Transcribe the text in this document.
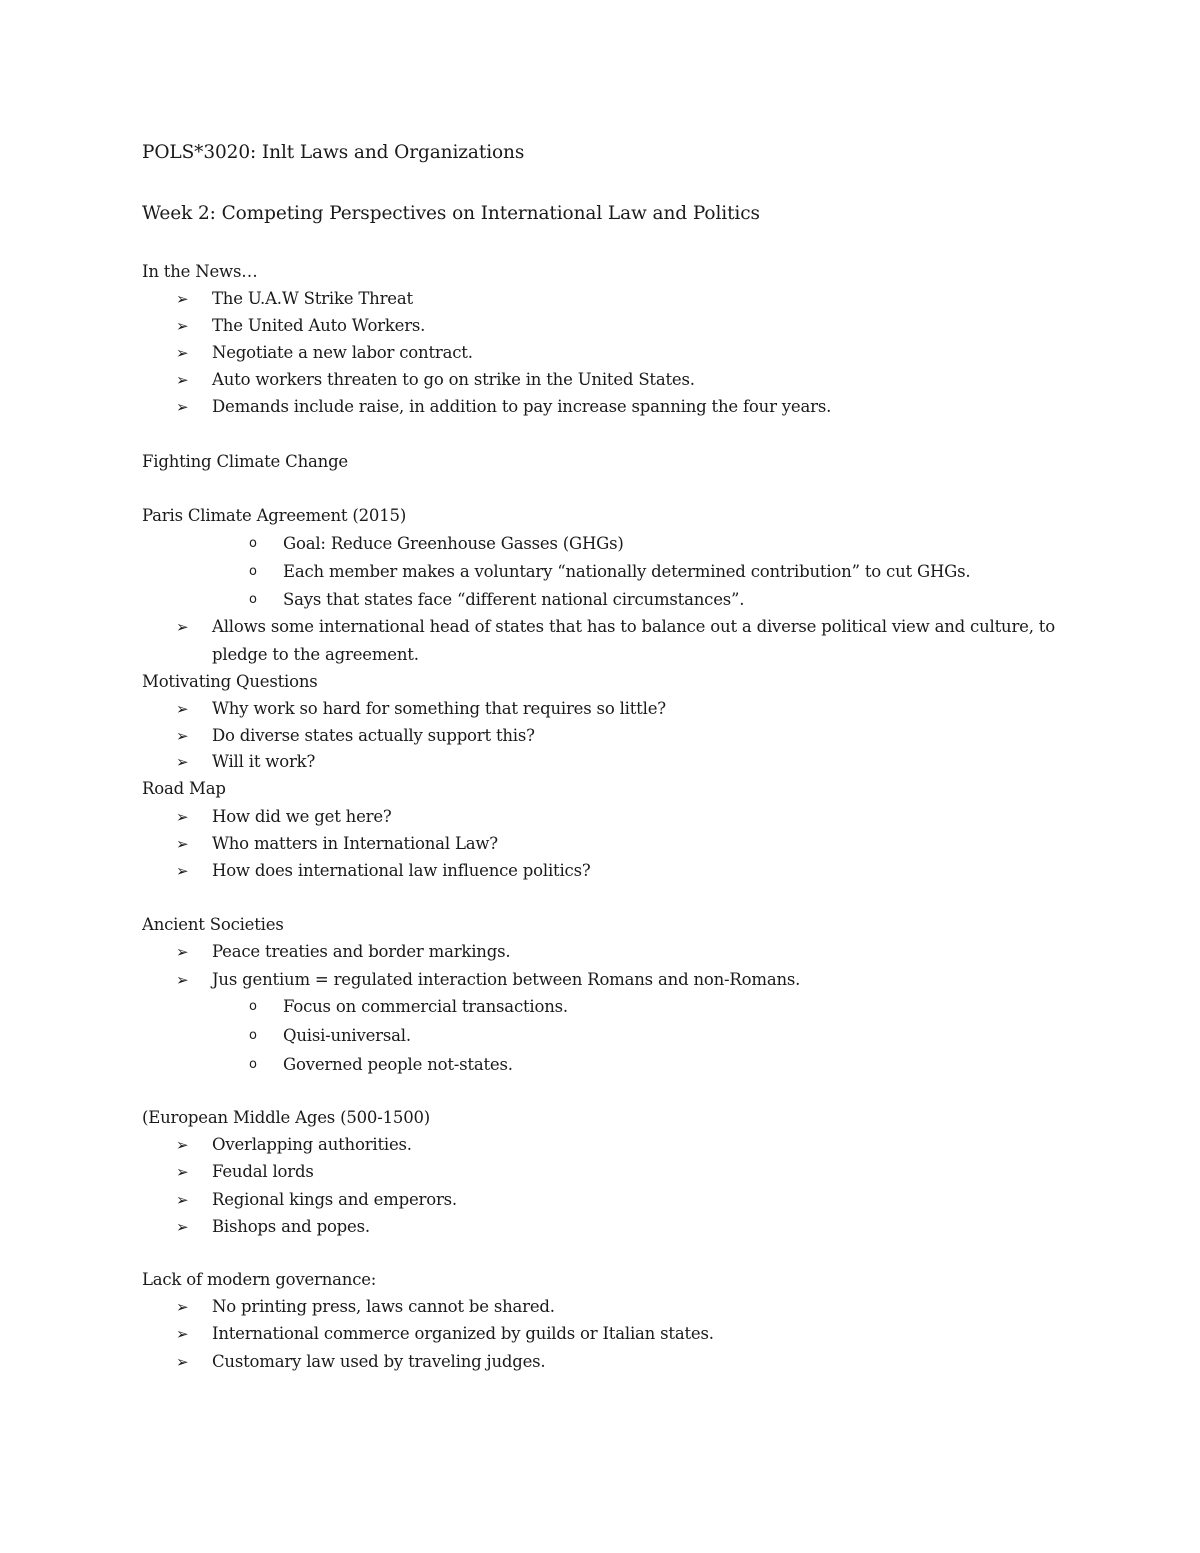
POLS*3020: Inlt Laws and Organizations
Week 2: Competing Perspectives on International Law and Politics
In the News…
➢ The U.A.W Strike Threat
➢ The United Auto Workers.
➢ Negotiate a new labor contract.
➢ Auto workers threaten to go on strike in the United States.
➢ Demands include raise, in addition to pay increase spanning the four years.
Fighting Climate Change
Paris Climate Agreement (2015)
o Goal: Reduce Greenhouse Gasses (GHGs)
o Each member makes a voluntary “nationally determined contribution” to cut GHGs.
o Says that states face “different national circumstances”.
➢ Allows some international head of states that has to balance out a diverse political view and culture, to
pledge to the agreement.
Motivating Questions
➢ Why work so hard for something that requires so little?
➢ Do diverse states actually support this?
➢ Will it work?
Road Map
➢ How did we get here?
➢ Who matters in International Law?
➢ How does international law influence politics?
Ancient Societies
➢ Peace treaties and border markings.
➢ Jus gentium = regulated interaction between Romans and non-Romans.
o Focus on commercial transactions.
o Quisi-universal.
o Governed people not-states.
(European Middle Ages (500-1500)
➢ Overlapping authorities.
➢ Feudal lords
➢ Regional kings and emperors.
➢ Bishops and popes.
Lack of modern governance:
➢ No printing press, laws cannot be shared.
➢ International commerce organized by guilds or Italian states.
➢ Customary law used by traveling judges.
